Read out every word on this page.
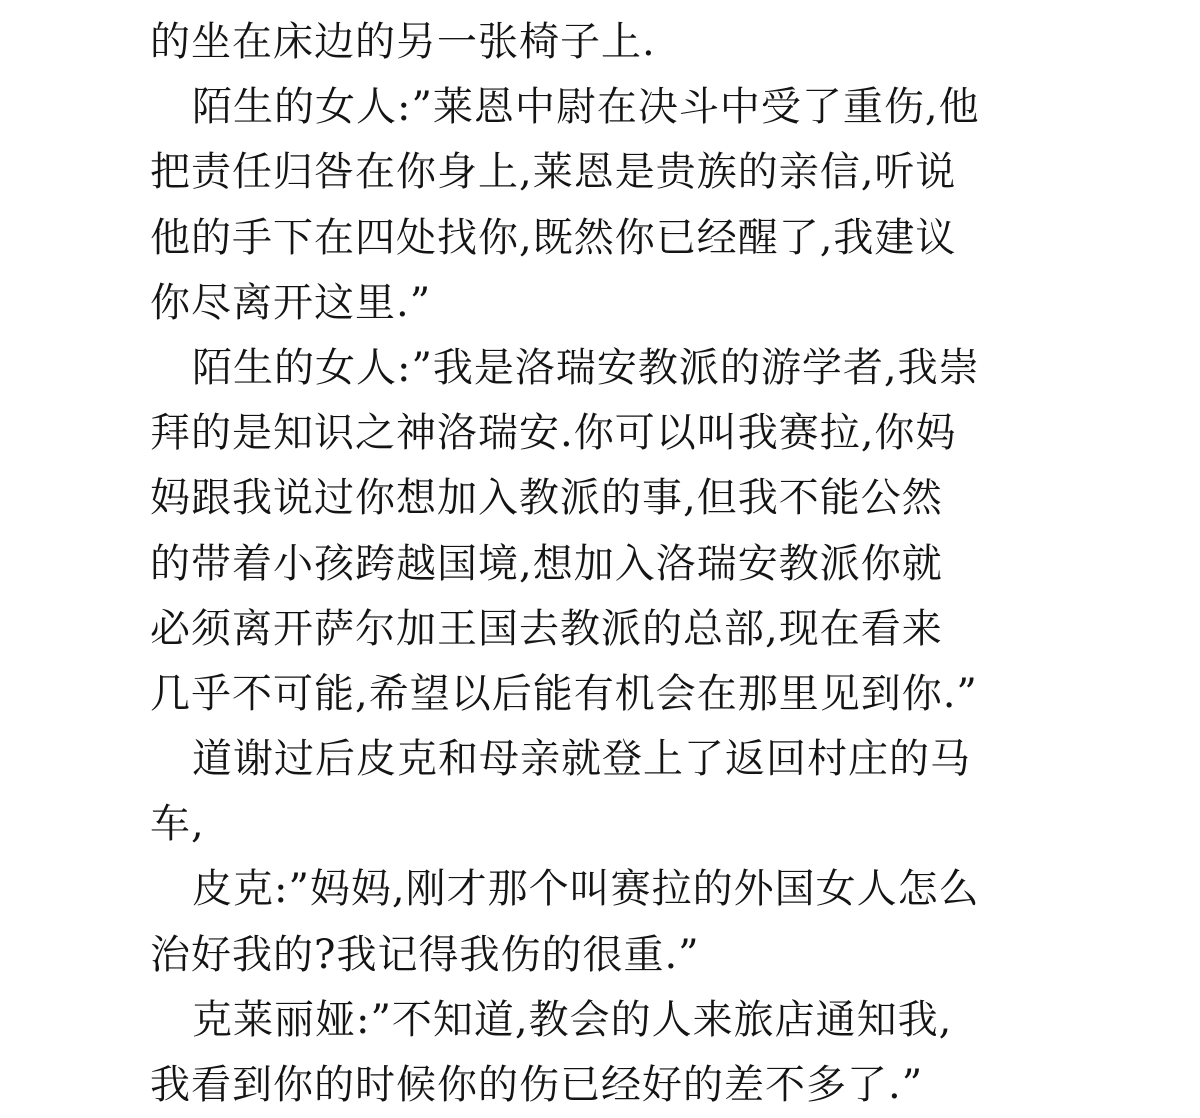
的坐在床边的另一张椅子上.
陌生的女人:”莱恩中尉在决斗中受了重伤,他
把责任归咎在你身上,莱恩是贵族的亲信,听说
他的手下在四处找你,既然你已经醒了,我建议
你尽离开这里.”
陌生的女人:”我是洛瑞安教派的游学者,我崇
拜的是知识之神洛瑞安.你可以叫我赛拉,你妈
妈跟我说过你想加入教派的事,但我不能公然
的带着小孩跨越国境,想加入洛瑞安教派你就
必须离开萨尔加王国去教派的总部,现在看来
几乎不可能,希望以后能有机会在那里见到你.”
道谢过后皮克和母亲就登上了返回村庄的马
车,
皮克:”妈妈,刚才那个叫赛拉的外国女人怎么
治好我的?我记得我伤的很重.”
克莱丽娅:”不知道,教会的人来旅店通知我,
我看到你的时候你的伤已经好的差不多了.”
